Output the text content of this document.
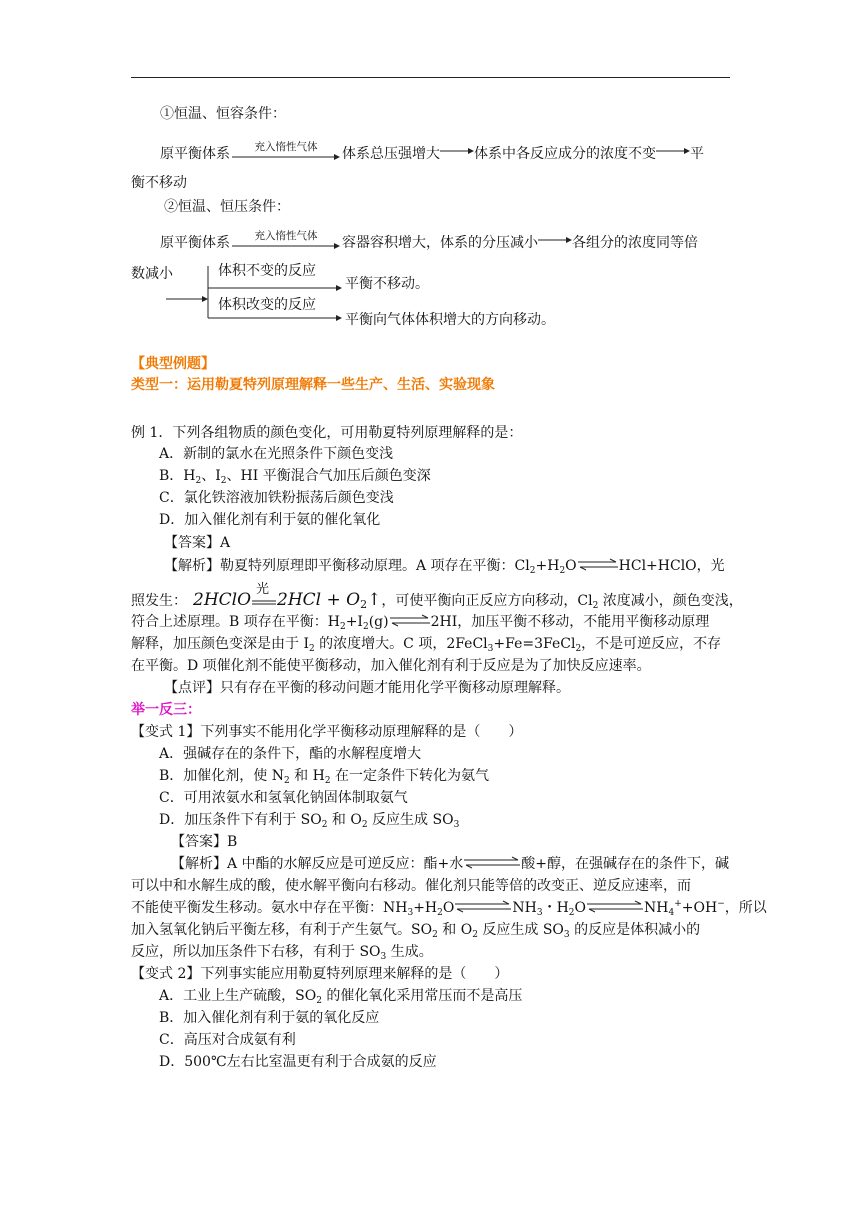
①恒温、恒容条件：
原平衡体系	充入惰性气体	体系总压强增大 体系中各反应成分的浓度不变 平
衡不移动
②恒温、恒压条件：
原平衡体系	充入惰性气体	容器容积增大，体系的分压减小 各组分的浓度同等倍
数减小	体积不变的反应
平衡不移动。
体积改变的反应
平衡向气体体积增大的方向移动。
【典型例题】
类型一：运用勒夏特列原理解释一些生产、生活、实验现象
例 1．下列各组物质的颜色变化，可用勒夏特列原理解释的是：
A．新制的氯水在光照条件下颜色变浅
B．$H_2$、$I_2$、HI 平衡混合气加压后颜色变深
C．氯化铁溶液加铁粉振荡后颜色变浅
D．加入催化剂有利于氨的催化氧化
【答案】A
【解析】勒夏特列原理即平衡移动原理。A 项存在平衡：$Cl_2+H_2O\rightleftharpoons HCl+HClO$，光
照发生： 2HClO
光
$2HCl + O_2↑$，可使平衡向正反应方向移动，$Cl_2$ 浓度减小，颜色变浅，
符合上述原理。B 项存在平衡：$H_2+I_2(g)\rightleftharpoons 2HI$，加压平衡不移动，不能用平衡移动原理
解释，加压颜色变深是由于 $I_2$ 的浓度增大。C 项，2FeCl$_3$+Fe=3FeCl$_2$，不是可逆反应，不存
在平衡。D 项催化剂不能使平衡移动，加入催化剂有利于反应是为了加快反应速率。
【点评】只有存在平衡的移动问题才能用化学平衡移动原理解释。
举一反三：
【变式 1】下列事实不能用化学平衡移动原理解释的是（　　）
A．强碱存在的条件下，酯的水解程度增大
B．加催化剂，使 $N_2$ 和 $H_2$ 在一定条件下转化为氨气
C．可用浓氨水和氢氧化钠固体制取氨气
D．加压条件下有利于 $SO_2$ 和 $O_2$ 反应生成 $SO_3$
【答案】B
【解析】A 中酯的水解反应是可逆反应：酯+水⇌酸+醇，在强碱存在的条件下，碱
可以中和水解生成的酸，使水解平衡向右移动。催化剂只能等倍的改变正、逆反应速率，而
不能使平衡发生移动。氨水中存在平衡：$NH_3+H_2O\rightleftharpoons NH_3$・$H_2O\rightleftharpoons NH_4^++OH^-$，所以
加入氢氧化钠后平衡左移，有利于产生氨气。$SO_2$ 和 $O_2$ 反应生成 $SO_3$ 的反应是体积减小的
反应，所以加压条件下右移，有利于 $SO_3$ 生成。
【变式 2】下列事实能应用勒夏特列原理来解释的是（　　）
A．工业上生产硫酸，$SO_2$ 的催化氧化采用常压而不是高压
B．加入催化剂有利于氨的氧化反应
C．高压对合成氨有利
D．500℃左右比室温更有利于合成氨的反应
